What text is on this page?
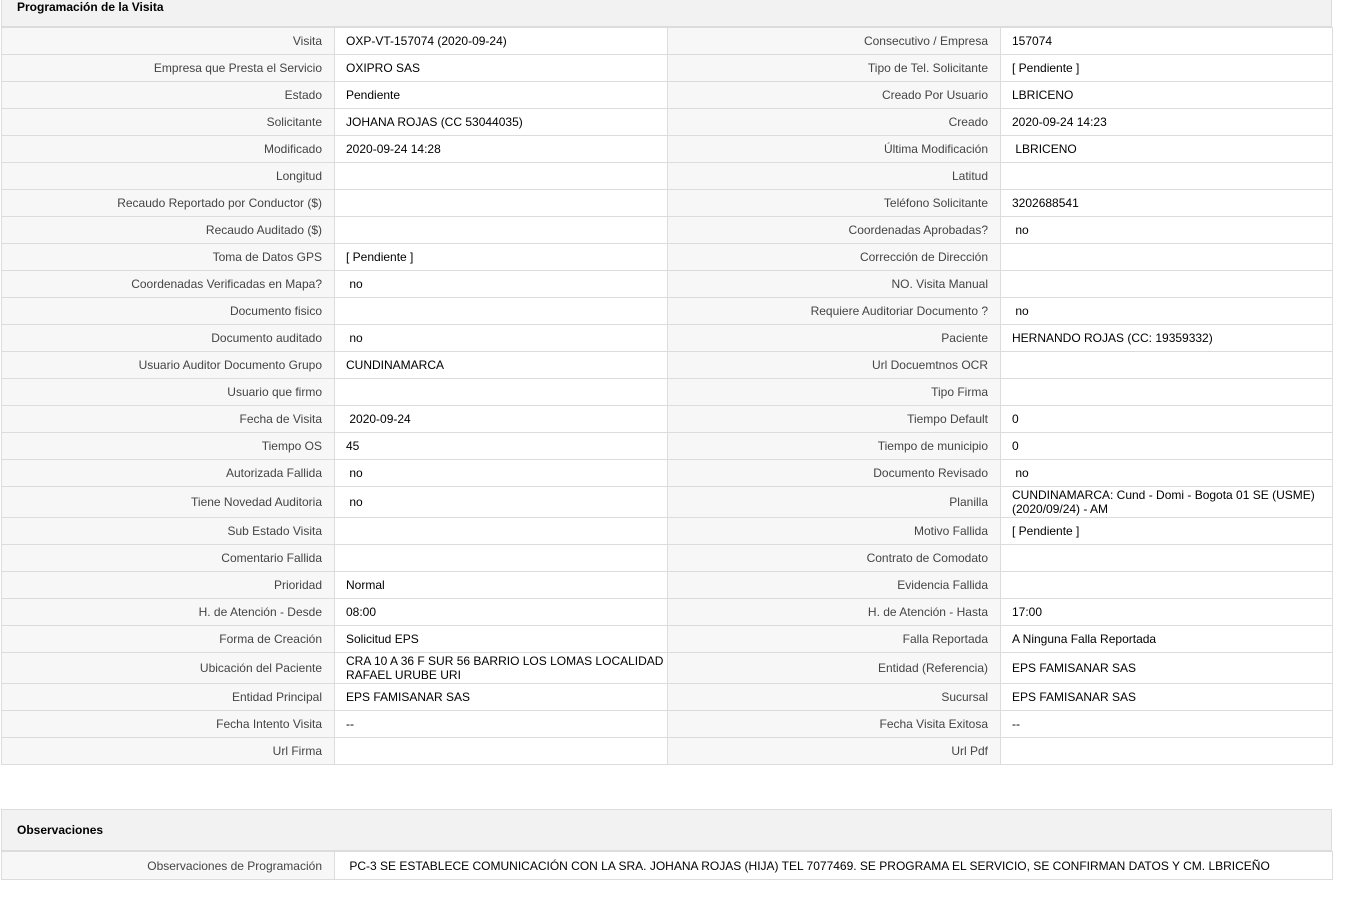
Programación de la Visita
Visita	OXP-VT-157074 (2020-09-24)	Consecutivo / Empresa	157074
Empresa que Presta el Servicio	OXIPRO SAS	Tipo de Tel. Solicitante	[ Pendiente ]
Estado	Pendiente	Creado Por Usuario	LBRICENO
Solicitante	JOHANA ROJAS (CC 53044035)	Creado	2020-09-24 14:23
Modificado	2020-09-24 14:28	Última Modificación	LBRICENO
Longitud		Latitud	
Recaudo Reportado por Conductor ($)		Teléfono Solicitante	3202688541
Recaudo Auditado ($)		Coordenadas Aprobadas?	no
Toma de Datos GPS	[ Pendiente ]	Corrección de Dirección	
Coordenadas Verificadas en Mapa?	no	NO. Visita Manual	
Documento fisico		Requiere Auditoriar Documento ?	no
Documento auditado	no	Paciente	HERNANDO ROJAS (CC: 19359332)
Usuario Auditor Documento Grupo	CUNDINAMARCA	Url Docuemtnos OCR	
Usuario que firmo		Tipo Firma	
Fecha de Visita	2020-09-24	Tiempo Default	0
Tiempo OS	45	Tiempo de municipio	0
Autorizada Fallida	no	Documento Revisado	no
Tiene Novedad Auditoria	no	Planilla	CUNDINAMARCA: Cund - Domi - Bogota 01 SE (USME) (2020/09/24) - AM
Sub Estado Visita		Motivo Fallida	[ Pendiente ]
Comentario Fallida		Contrato de Comodato	
Prioridad	Normal	Evidencia Fallida	
H. de Atención - Desde	08:00	H. de Atención - Hasta	17:00
Forma de Creación	Solicitud EPS	Falla Reportada	A Ninguna Falla Reportada
Ubicación del Paciente	CRA 10 A 36 F SUR 56 BARRIO LOS LOMAS LOCALIDAD RAFAEL URUBE URI	Entidad (Referencia)	EPS FAMISANAR SAS
Entidad Principal	EPS FAMISANAR SAS	Sucursal	EPS FAMISANAR SAS
Fecha Intento Visita	--	Fecha Visita Exitosa	--
Url Firma		Url Pdf	
Observaciones
Observaciones de Programación	PC-3 SE ESTABLECE COMUNICACIÓN CON LA SRA. JOHANA ROJAS (HIJA) TEL 7077469. SE PROGRAMA EL SERVICIO, SE CONFIRMAN DATOS Y CM. LBRICEÑO
